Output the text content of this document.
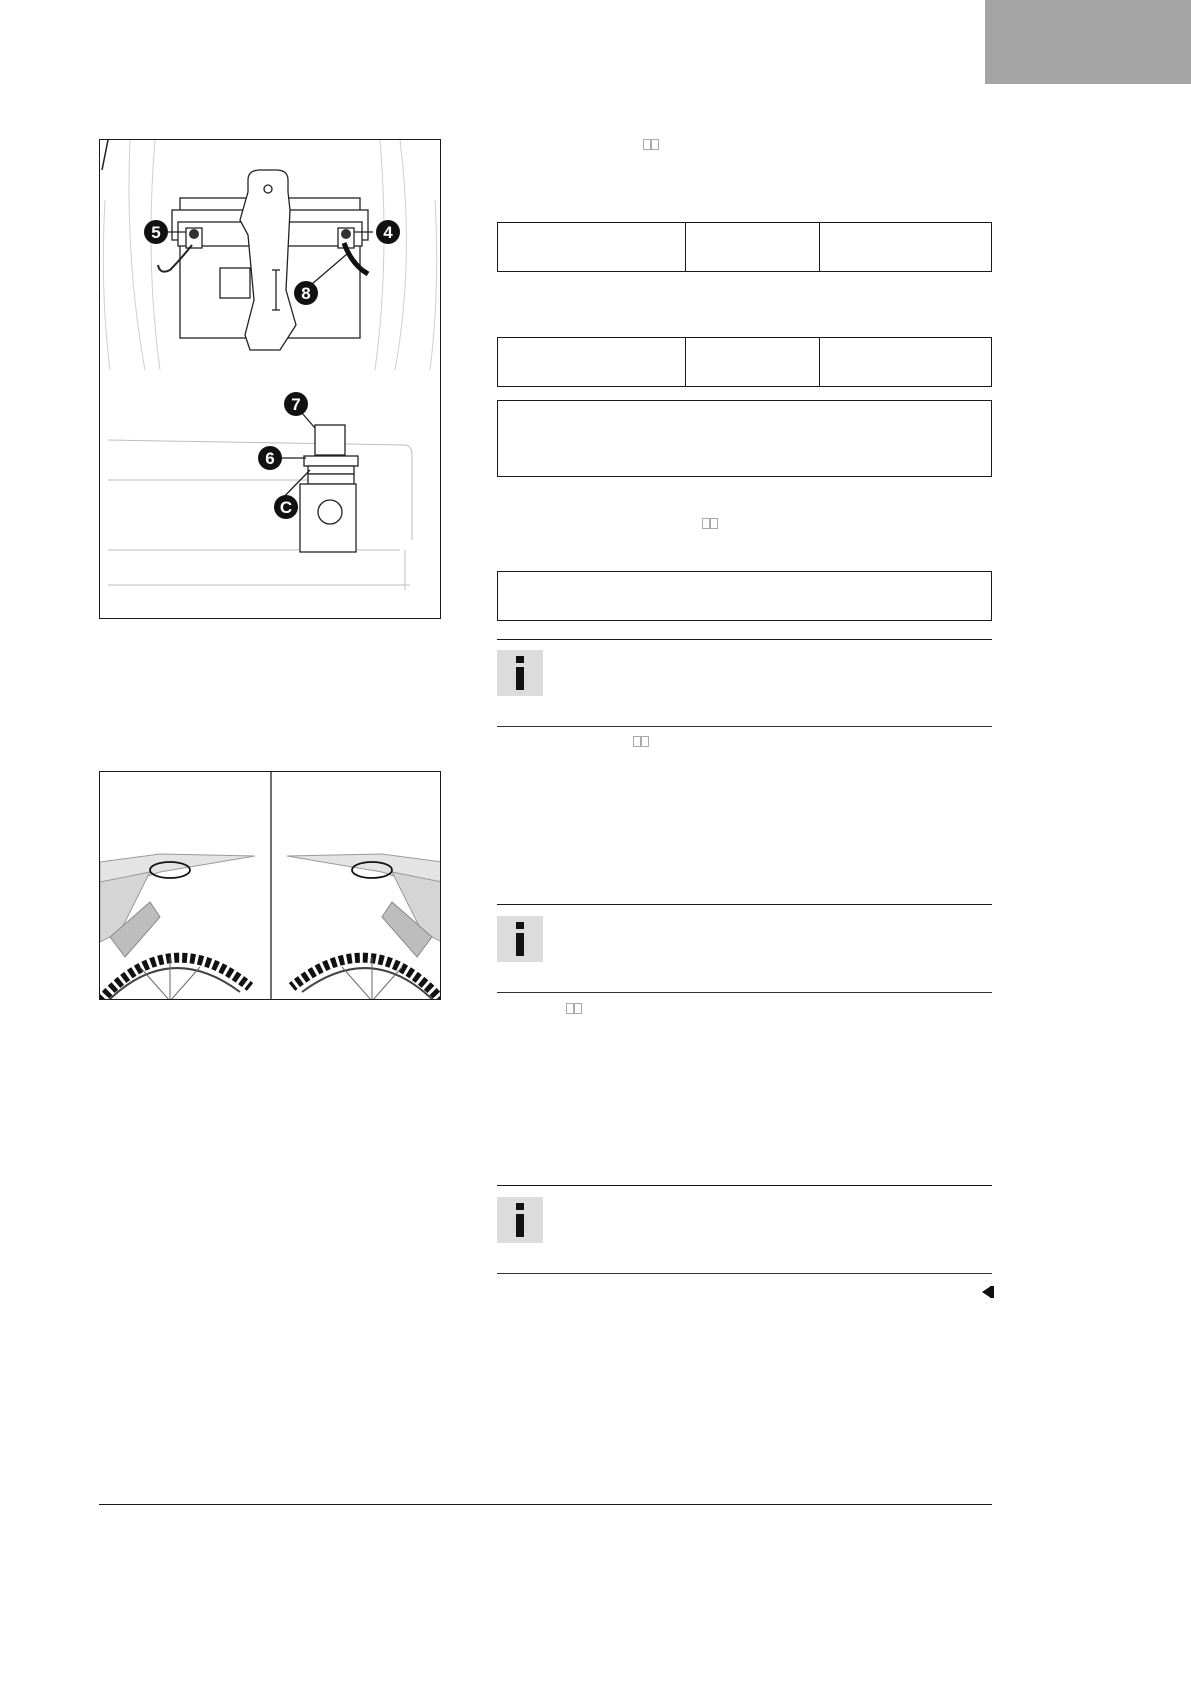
5	4
8
7
6
C
